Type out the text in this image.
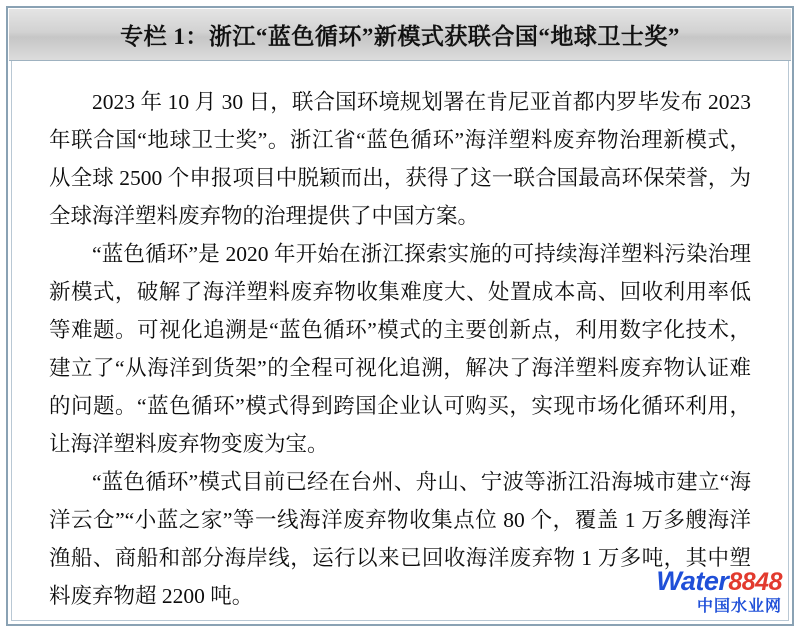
专栏 1：浙江“蓝色循环”新模式获联合国“地球卫士奖”

2023 年 10 月 30 日，联合国环境规划署在肯尼亚首都内罗毕发布 2023 年联合国“地球卫士奖”。浙江省“蓝色循环”海洋塑料废弃物治理新模式，从全球 2500 个申报项目中脱颖而出，获得了这一联合国最高环保荣誉，为全球海洋塑料废弃物的治理提供了中国方案。

“蓝色循环”是 2020 年开始在浙江探索实施的可持续海洋塑料污染治理新模式，破解了海洋塑料废弃物收集难度大、处置成本高、回收利用率低等难题。可视化追溯是“蓝色循环”模式的主要创新点，利用数字化技术，建立了“从海洋到货架”的全程可视化追溯，解决了海洋塑料废弃物认证难的问题。“蓝色循环”模式得到跨国企业认可购买，实现市场化循环利用，让海洋塑料废弃物变废为宝。

“蓝色循环”模式目前已经在台州、舟山、宁波等浙江沿海城市建立“海洋云仓”“小蓝之家”等一线海洋废弃物收集点位 80 个，覆盖 1 万多艘海洋渔船、商船和部分海岸线，运行以来已回收海洋废弃物 1 万多吨，其中塑料废弃物超 2200 吨。	Water8848
中国水业网
